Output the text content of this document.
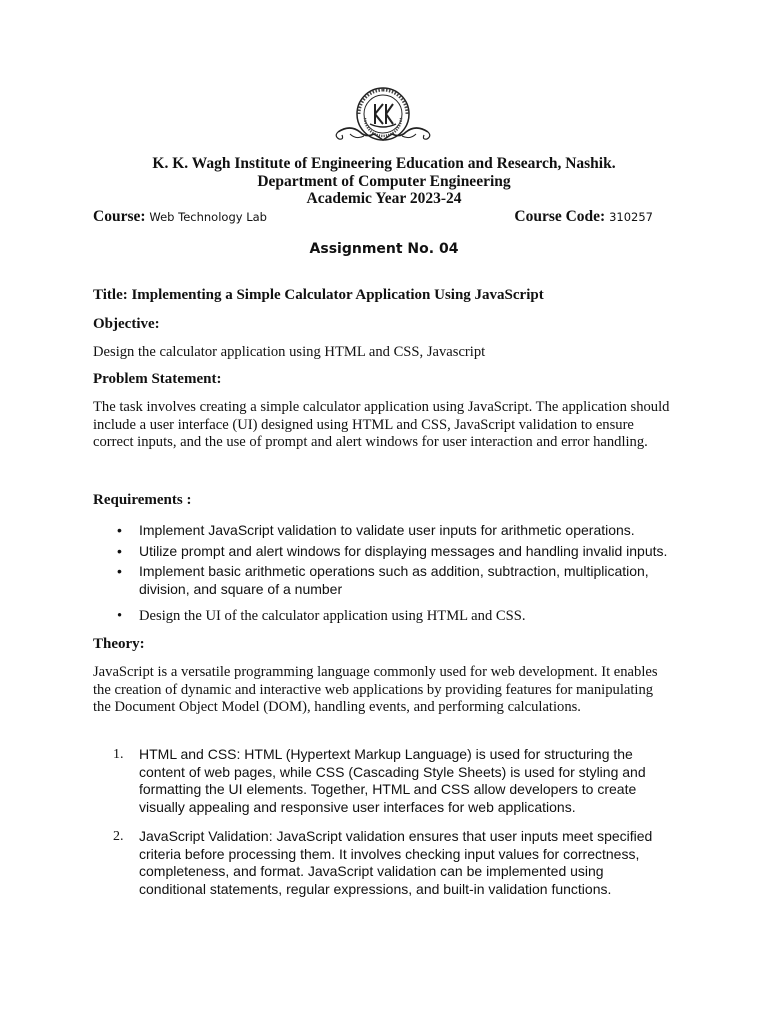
K. K. Wagh Institute of Engineering Education and Research, Nashik.
Department of Computer Engineering
Academic Year 2023-24
Course: Web Technology Lab	Course Code: 310257
Assignment No. 04
Title: Implementing a Simple Calculator Application Using JavaScript
Objective:
Design the calculator application using HTML and CSS, Javascript
Problem Statement:
The task involves creating a simple calculator application using JavaScript. The application should include a user interface (UI) designed using HTML and CSS, JavaScript validation to ensure correct inputs, and the use of prompt and alert windows for user interaction and error handling.
Requirements :
• Implement JavaScript validation to validate user inputs for arithmetic operations.
• Utilize prompt and alert windows for displaying messages and handling invalid inputs.
• Implement basic arithmetic operations such as addition, subtraction, multiplication, division, and square of a number
• Design the UI of the calculator application using HTML and CSS.
Theory:
JavaScript is a versatile programming language commonly used for web development. It enables the creation of dynamic and interactive web applications by providing features for manipulating the Document Object Model (DOM), handling events, and performing calculations.
1. HTML and CSS: HTML (Hypertext Markup Language) is used for structuring the content of web pages, while CSS (Cascading Style Sheets) is used for styling and formatting the UI elements. Together, HTML and CSS allow developers to create visually appealing and responsive user interfaces for web applications.
2. JavaScript Validation: JavaScript validation ensures that user inputs meet specified criteria before processing them. It involves checking input values for correctness, completeness, and format. JavaScript validation can be implemented using conditional statements, regular expressions, and built-in validation functions.
